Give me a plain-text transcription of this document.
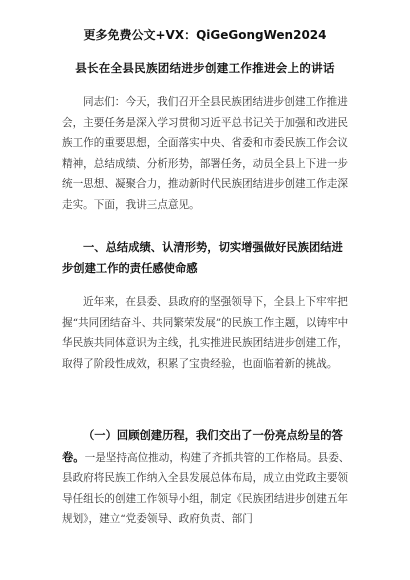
更多免费公文+VX：QiGeGongWen2024
县长在全县民族团结进步创建工作推进会上的讲话

同志们：今天，我们召开全县民族团结进步创建工作推进会，主要任务是深入学习贯彻习近平总书记关于加强和改进民族工作的重要思想，全面落实中央、省委和市委民族工作会议精神，总结成绩、分析形势，部署任务，动员全县上下进一步统一思想、凝聚合力，推动新时代民族团结进步创建工作走深走实。下面，我讲三点意见。

一、总结成绩、认清形势，切实增强做好民族团结进步创建工作的责任感使命感

近年来，在县委、县政府的坚强领导下，全县上下牢牢把握“共同团结奋斗、共同繁荣发展”的民族工作主题，以铸牢中华民族共同体意识为主线，扎实推进民族团结进步创建工作，取得了阶段性成效，积累了宝贵经验，也面临着新的挑战。

（一）回顾创建历程，我们交出了一份亮点纷呈的答卷。一是坚持高位推动，构建了齐抓共管的工作格局。县委、县政府将民族工作纳入全县发展总体布局，成立由党政主要领导任组长的创建工作领导小组，制定《民族团结进步创建五年规划》，建立“党委领导、政府负责、部门
